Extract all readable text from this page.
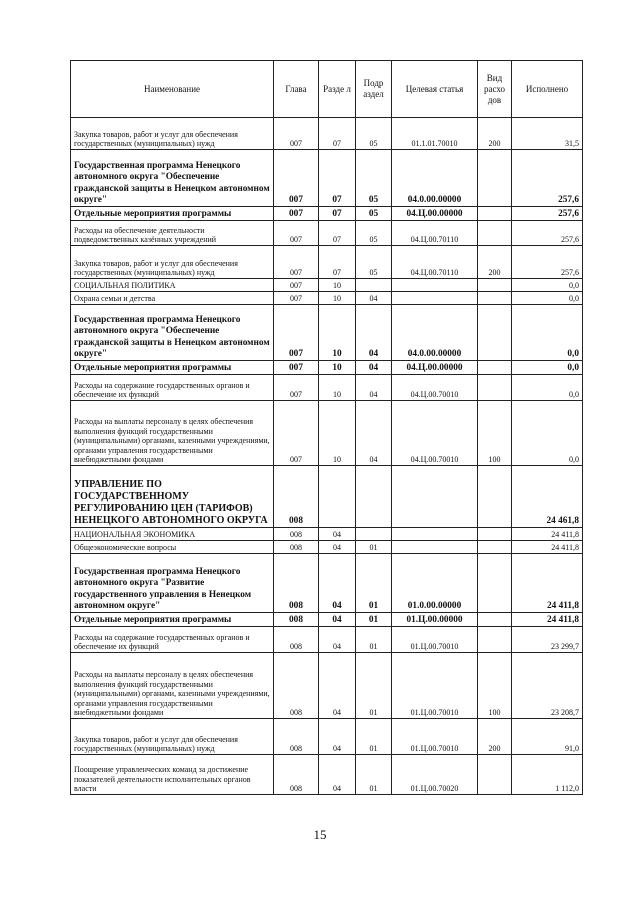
Наименование	Глава	Разде л	Подр аздел	Целевая статья	Вид расхо дов	Исполнено
Закупка товаров, работ и услуг для обеспечения государственных (муниципальных) нужд	007	07	05	01.1.01.70010	200	31,5
Государственная программа Ненецкого автономного округа "Обеспечение гражданской защиты в Ненецком автономном округе"	007	07	05	04.0.00.00000		257,6
Отдельные мероприятия программы	007	07	05	04.Ц.00.00000		257,6
Расходы на обеспечение деятельности подведомственных казённых учреждений	007	07	05	04.Ц.00.70110		257,6
Закупка товаров, работ и услуг для обеспечения государственных (муниципальных) нужд	007	07	05	04.Ц.00.70110	200	257,6
СОЦИАЛЬНАЯ ПОЛИТИКА	007	10				0,0
Охрана семьи и детства	007	10	04			0,0
Государственная программа Ненецкого автономного округа "Обеспечение гражданской защиты в Ненецком автономном округе"	007	10	04	04.0.00.00000		0,0
Отдельные мероприятия программы	007	10	04	04.Ц.00.00000		0,0
Расходы на содержание государственных органов и обеспечение их функций	007	10	04	04.Ц.00.70010		0,0
Расходы на выплаты персоналу в целях обеспечения выполнения функций государственными (муниципальными) органами, казенными учреждениями, органами управления государственными внебюджетными фондами	007	10	04	04.Ц.00.70010	100	0,0
УПРАВЛЕНИЕ ПО ГОСУДАРСТВЕННОМУ РЕГУЛИРОВАНИЮ ЦЕН (ТАРИФОВ) НЕНЕЦКОГО АВТОНОМНОГО ОКРУГА	008					24 461,8
НАЦИОНАЛЬНАЯ ЭКОНОМИКА	008	04				24 411,8
Общеэкономические вопросы	008	04	01			24 411,8
Государственная программа Ненецкого автономного округа "Развитие государственного управления в Ненецком автономном округе"	008	04	01	01.0.00.00000		24 411,8
Отдельные мероприятия программы	008	04	01	01.Ц.00.00000		24 411,8
Расходы на содержание государственных органов и обеспечение их функций	008	04	01	01.Ц.00.70010		23 299,7
Расходы на выплаты персоналу в целях обеспечения выполнения функций государственными (муниципальными) органами, казенными учреждениями, органами управления государственными внебюджетными фондами	008	04	01	01.Ц.00.70010	100	23 208,7
Закупка товаров, работ и услуг для обеспечения государственных (муниципальных) нужд	008	04	01	01.Ц.00.70010	200	91,0
Поощрение управленческих команд за достижение показателей деятельности исполнительных органов власти	008	04	01	01.Ц.00.70020		1 112,0
15
